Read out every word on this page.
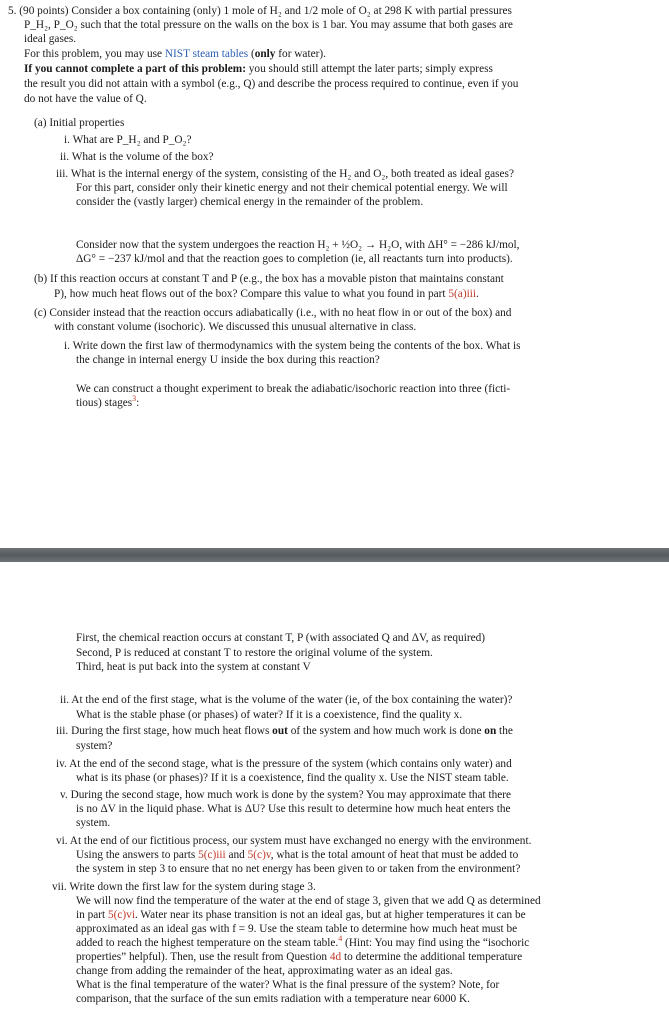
5. (90 points) Consider a box containing (only) 1 mole of H₂ and 1/2 mole of O₂ at 298 K with partial pressures
P_H₂, P_O₂ such that the total pressure on the walls on the box is 1 bar. You may assume that both gases are
ideal gases.
For this problem, you may use NIST steam tables (only for water).
If you cannot complete a part of this problem: you should still attempt the later parts; simply express
the result you did not attain with a symbol (e.g., Q) and describe the process required to continue, even if you
do not have the value of Q.
(a) Initial properties
i. What are P_H₂ and P_O₂?
ii. What is the volume of the box?
iii. What is the internal energy of the system, consisting of the H₂ and O₂, both treated as ideal gases?
For this part, consider only their kinetic energy and not their chemical potential energy. We will
consider the (vastly larger) chemical energy in the remainder of the problem.
Consider now that the system undergoes the reaction H₂ + ½O₂ → H₂O, with ΔH° = −286 kJ/mol,
ΔG° = −237 kJ/mol and that the reaction goes to completion (ie, all reactants turn into products).
(b) If this reaction occurs at constant T and P (e.g., the box has a movable piston that maintains constant
P), how much heat flows out of the box? Compare this value to what you found in part 5(a)iii.
(c) Consider instead that the reaction occurs adiabatically (i.e., with no heat flow in or out of the box) and
with constant volume (isochoric). We discussed this unusual alternative in class.
i. Write down the first law of thermodynamics with the system being the contents of the box. What is
the change in internal energy U inside the box during this reaction?
We can construct a thought experiment to break the adiabatic/isochoric reaction into three (ficti-
tious) stages$^3$:
First, the chemical reaction occurs at constant T, P (with associated Q and ΔV, as required)
Second, P is reduced at constant T to restore the original volume of the system.
Third, heat is put back into the system at constant V
ii. At the end of the first stage, what is the volume of the water (ie, of the box containing the water)?
What is the stable phase (or phases) of water? If it is a coexistence, find the quality x.
iii. During the first stage, how much heat flows out of the system and how much work is done on the
system?
iv. At the end of the second stage, what is the pressure of the system (which contains only water) and
what is its phase (or phases)? If it is a coexistence, find the quality x. Use the NIST steam table.
v. During the second stage, how much work is done by the system? You may approximate that there
is no ΔV in the liquid phase. What is ΔU? Use this result to determine how much heat enters the
system.
vi. At the end of our fictitious process, our system must have exchanged no energy with the environment.
Using the answers to parts 5(c)iii and 5(c)v, what is the total amount of heat that must be added to
the system in step 3 to ensure that no net energy has been given to or taken from the environment?
vii. Write down the first law for the system during stage 3.
We will now find the temperature of the water at the end of stage 3, given that we add Q as determined
in part 5(c)vi. Water near its phase transition is not an ideal gas, but at higher temperatures it can be
approximated as an ideal gas with f = 9. Use the steam table to determine how much heat must be
added to reach the highest temperature on the steam table.$^4$ (Hint: You may find using the “isochoric
properties” helpful). Then, use the result from Question 4d to determine the additional temperature
change from adding the remainder of the heat, approximating water as an ideal gas.
What is the final temperature of the water? What is the final pressure of the system? Note, for
comparison, that the surface of the sun emits radiation with a temperature near 6000 K.
